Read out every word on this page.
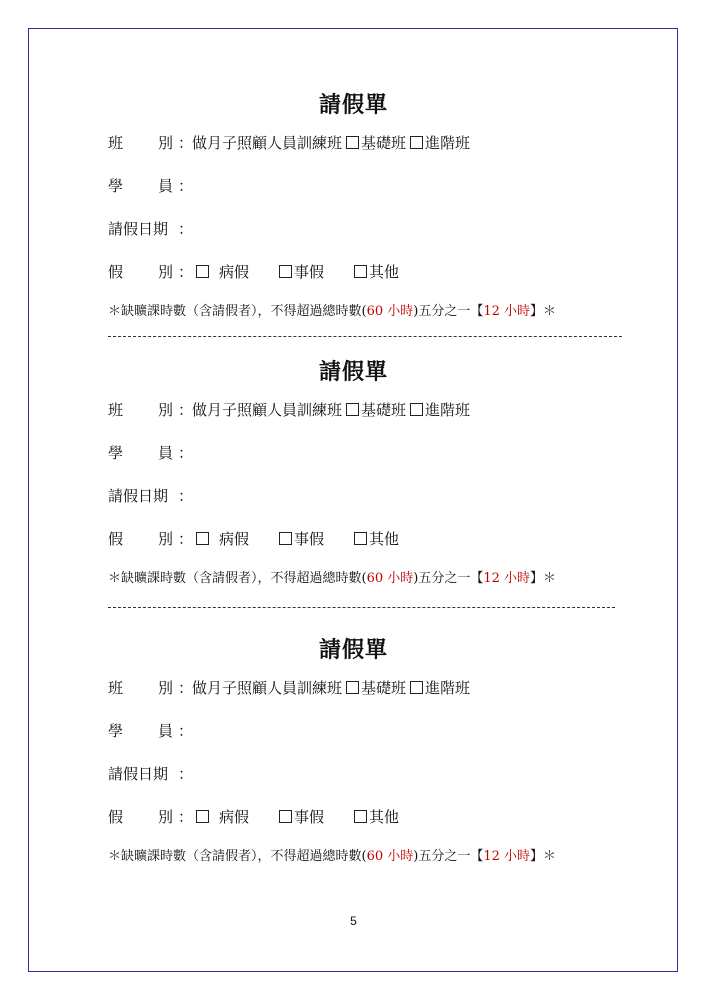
請假單
班	別 ：
做月子照顧人員訓練班 基礎班 進階班
學	員 ：
請假日期 ：
假	別 ： 病假	事假	其他
＊缺曠課時數（含請假者），不得超過總時數(60 小時)五分之一【12 小時】＊
請假單
班	別 ：
做月子照顧人員訓練班 基礎班 進階班
學	員 ：
請假日期 ：
假	別 ： 病假	事假	其他
＊缺曠課時數（含請假者），不得超過總時數(60 小時)五分之一【12 小時】＊
請假單
班	別 ：
做月子照顧人員訓練班 基礎班 進階班
學	員 ：
請假日期 ：
假	別 ： 病假	事假	其他
＊缺曠課時數（含請假者），不得超過總時數(60 小時)五分之一【12 小時】＊
5
